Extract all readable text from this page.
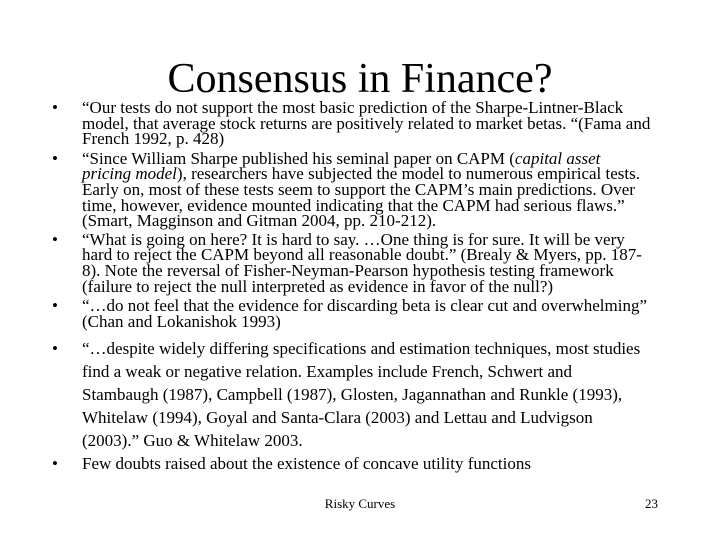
Consensus in Finance?
• “Our tests do not support the most basic prediction of the Sharpe-Lintner-Black model, that average stock returns are positively related to market betas. “(Fama and French 1992, p. 428)
• “Since William Sharpe published his seminal paper on CAPM (capital asset pricing model), researchers have subjected the model to numerous empirical tests. Early on, most of these tests seem to support the CAPM’s main predictions. Over time, however, evidence mounted indicating that the CAPM had serious flaws.” (Smart, Magginson and Gitman 2004, pp. 210-212).
• “What is going on here? It is hard to say. …One thing is for sure. It will be very hard to reject the CAPM beyond all reasonable doubt.” (Brealy & Myers, pp. 187-8). Note the reversal of Fisher-Neyman-Pearson hypothesis testing framework (failure to reject the null interpreted as evidence in favor of the null?)
• “…do not feel that the evidence for discarding beta is clear cut and overwhelming” (Chan and Lokanishok 1993)
• “…despite widely differing specifications and estimation techniques, most studies find a weak or negative relation. Examples include French, Schwert and Stambaugh (1987), Campbell (1987), Glosten, Jagannathan and Runkle (1993), Whitelaw (1994), Goyal and Santa-Clara (2003) and Lettau and Ludvigson (2003).” Guo & Whitelaw 2003.
• Few doubts raised about the existence of concave utility functions
Risky Curves	23
